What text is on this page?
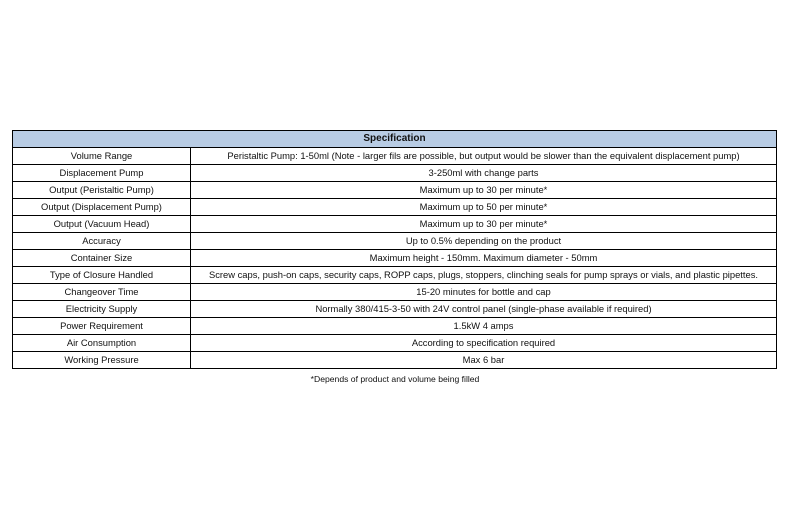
Specification	
Volume Range	Peristaltic Pump: 1-50ml (Note - larger fils are possible, but output would be slower than the equivalent displacement pump)
Displacement Pump	3-250ml with change parts
Output (Peristaltic Pump)	Maximum up to 30 per minute*
Output (Displacement Pump)	Maximum up to 50 per minute*
Output (Vacuum Head)	Maximum up to 30 per minute*
Accuracy	Up to 0.5% depending on the product
Container Size	Maximum height - 150mm. Maximum diameter - 50mm
Type of Closure Handled	Screw caps, push-on caps, security caps, ROPP caps, plugs, stoppers, clinching seals for pump sprays or vials, and plastic pipettes.
Changeover Time	15-20 minutes for bottle and cap
Electricity Supply	Normally 380/415-3-50 with 24V control panel (single-phase available if required)
Power Requirement	1.5kW 4 amps
Air Consumption	According to specification required
Working Pressure	Max 6 bar

*Depends of product and volume being filled
